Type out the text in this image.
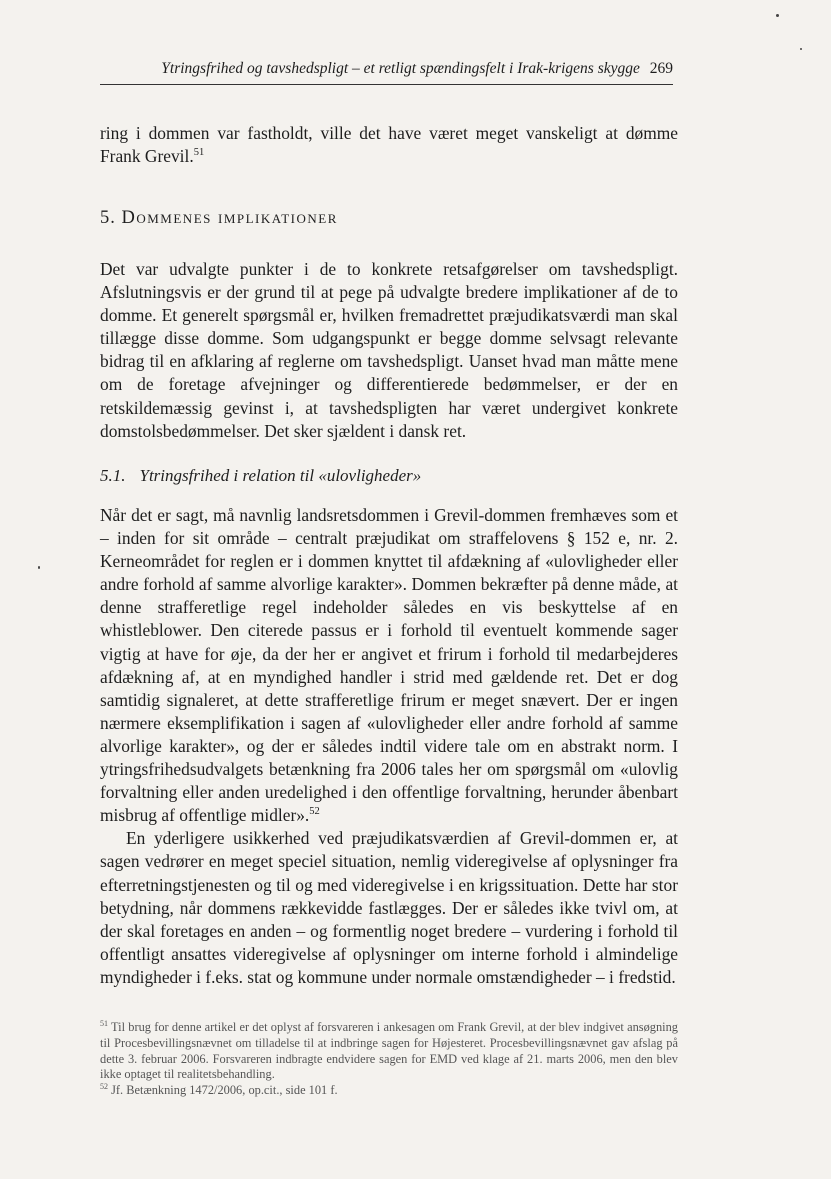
Ytringsfrihed og tavshedspligt – et retligt spændingsfelt i Irak-krigens skygge 269

ring i dommen var fastholdt, ville det have været meget vanskeligt at dømme Frank Grevil.$^{51}$

5. Dommenes implikationer

Det var udvalgte punkter i de to konkrete retsafgørelser om tavshedspligt. Afslutningsvis er der grund til at pege på udvalgte bredere implikationer af de to domme. Et generelt spørgsmål er, hvilken fremadrettet præjudikatsværdi man skal tillægge disse domme. Som udgangspunkt er begge domme selvsagt relevante bidrag til en afklaring af reglerne om tavshedspligt. Uanset hvad man måtte mene om de foretage afvejninger og differentierede bedømmelser, er der en retskildemæssig gevinst i, at tavshedspligten har været undergivet konkrete domstolsbedømmelser. Det sker sjældent i dansk ret.

5.1. Ytringsfrihed i relation til «ulovligheder»

Når det er sagt, må navnlig landsretsdommen i Grevil-dommen fremhæves som et – inden for sit område – centralt præjudikat om straffelovens § 152 e, nr. 2. Kerneområdet for reglen er i dommen knyttet til afdækning af «ulovligheder eller andre forhold af samme alvorlige karakter». Dommen bekræfter på denne måde, at denne strafferetlige regel indeholder således en vis beskyttelse af en whistleblower. Den citerede passus er i forhold til eventuelt kommende sager vigtig at have for øje, da der her er angivet et frirum i forhold til medarbejderes afdækning af, at en myndighed handler i strid med gældende ret. Det er dog samtidig signaleret, at dette strafferetlige frirum er meget snævert. Der er ingen nærmere eksemplifikation i sagen af «ulovligheder eller andre forhold af samme alvorlige karakter», og der er således indtil videre tale om en abstrakt norm. I ytringsfrihedsudvalgets betænkning fra 2006 tales her om spørgsmål om «ulovlig forvaltning eller anden uredelighed i den offentlige forvaltning, herunder åbenbart misbrug af offentlige midler».$^{52}$

En yderligere usikkerhed ved præjudikatsværdien af Grevil-dommen er, at sagen vedrører en meget speciel situation, nemlig videregivelse af oplysninger fra efterretningstjenesten og til og med videregivelse i en krigssituation. Dette har stor betydning, når dommens rækkevidde fastlægges. Der er således ikke tvivl om, at der skal foretages en anden – og formentlig noget bredere – vurdering i forhold til offentligt ansattes videregivelse af oplysninger om interne forhold i almindelige myndigheder i f.eks. stat og kommune under normale omstændigheder – i fredstid.

$^{51}$ Til brug for denne artikel er det oplyst af forsvareren i ankesagen om Frank Grevil, at der blev indgivet ansøgning til Procesbevillingsnævnet om tilladelse til at indbringe sagen for Højesteret. Procesbevillingsnævnet gav afslag på dette 3. februar 2006. Forsvareren indbragte endvidere sagen for EMD ved klage af 21. marts 2006, men den blev ikke optaget til realitetsbehandling.

$^{52}$ Jf. Betænkning 1472/2006, op.cit., side 101 f.
